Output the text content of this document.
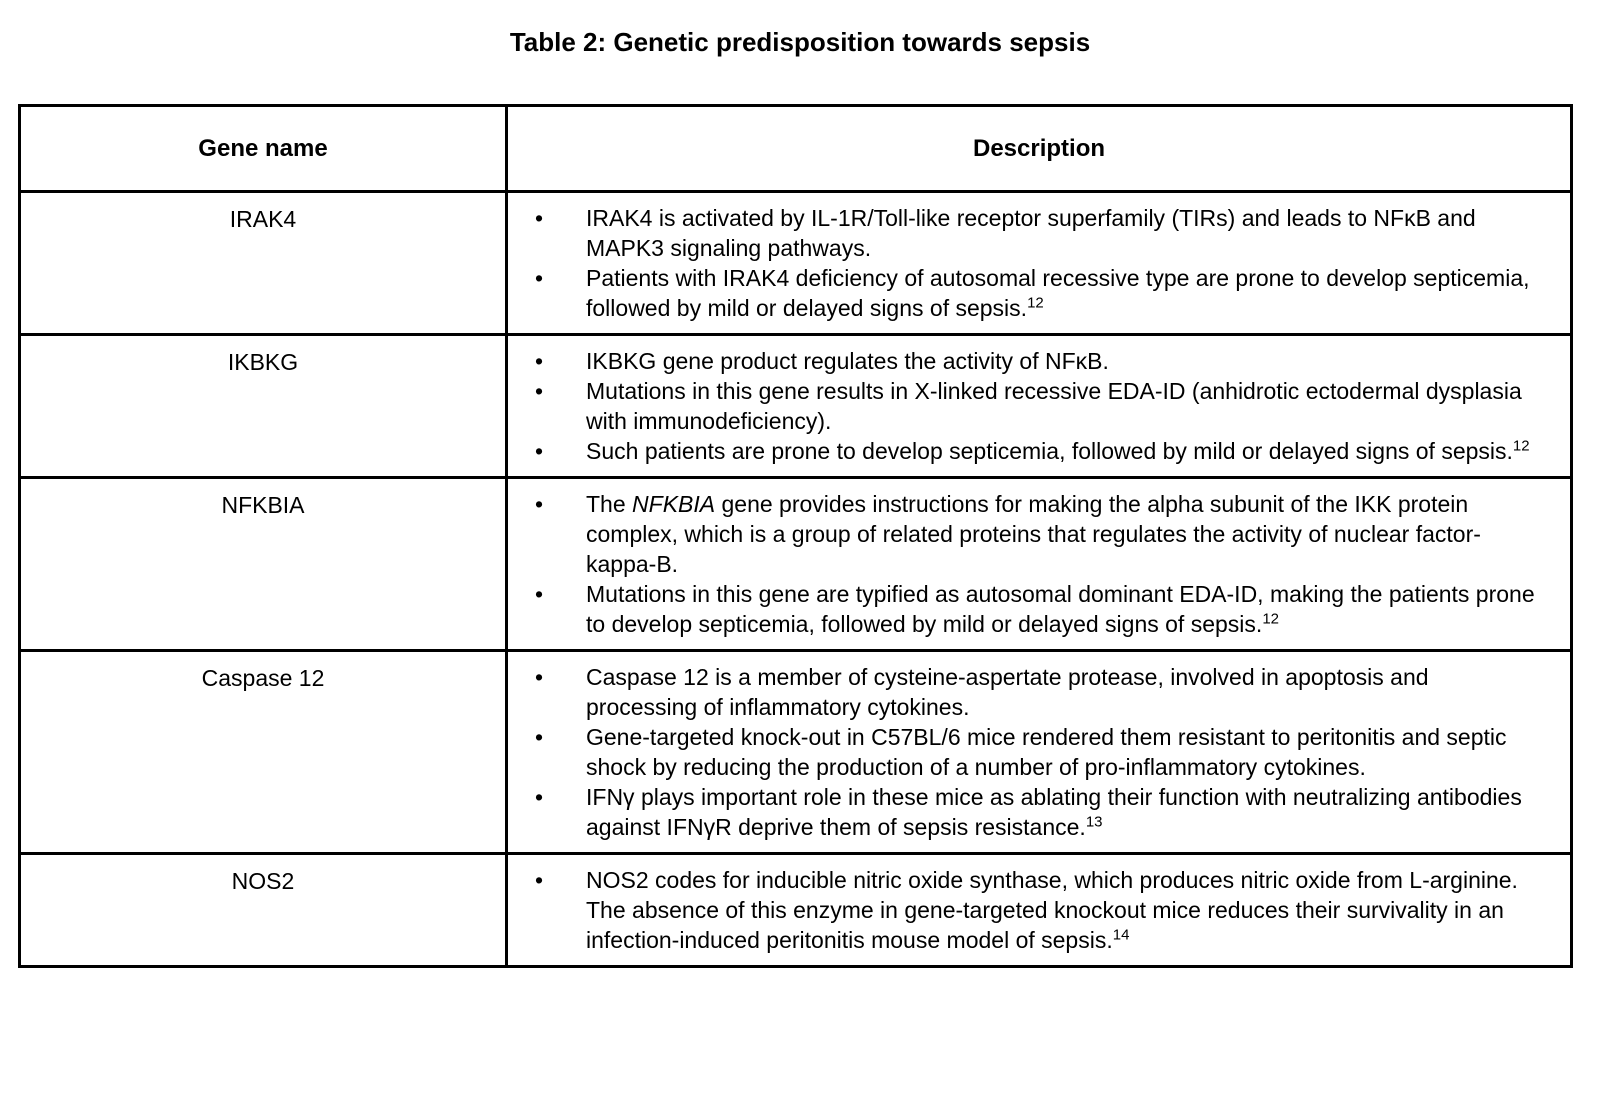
Table 2: Genetic predisposition towards sepsis
Gene name	Description
IRAK4	• IRAK4 is activated by IL-1R/Toll-like receptor superfamily (TIRs) and leads to NFκB and MAPK3 signaling pathways.
• Patients with IRAK4 deficiency of autosomal recessive type are prone to develop septicemia, followed by mild or delayed signs of sepsis.$^{12}$

IKBKG	•	IKBKG gene product regulates the activity of NFκB.
•	Mutations in this gene results in X-linked recessive EDA-ID (anhidrotic ectodermal dysplasia with immunodeficiency).
•	Such patients are prone to develop septicemia, followed by mild or delayed signs of sepsis.$^{12}$

NFKBIA	• The NFKBIA gene provides instructions for making the alpha subunit of the IKK protein complex, which is a group of related proteins that regulates the activity of nuclear factor-kappa-B.
• Mutations in this gene are typified as autosomal dominant EDA-ID, making the patients prone to develop septicemia, followed by mild or delayed signs of sepsis.$^{12}$

Caspase 12	•	Caspase 12 is a member of cysteine-aspertate protease, involved in apoptosis and processing of inflammatory cytokines.
•	Gene-targeted knock-out in C57BL/6 mice rendered them resistant to peritonitis and septic shock by reducing the production of a number of pro-inflammatory cytokines.
•	IFNγ plays important role in these mice as ablating their function with neutralizing antibodies against IFNγR deprive them of sepsis resistance.$^{13}$

NOS2	• NOS2 codes for inducible nitric oxide synthase, which produces nitric oxide from L-arginine. The absence of this enzyme in gene-targeted knockout mice reduces their survivality in an infection-induced peritonitis mouse model of sepsis.$^{14}$
